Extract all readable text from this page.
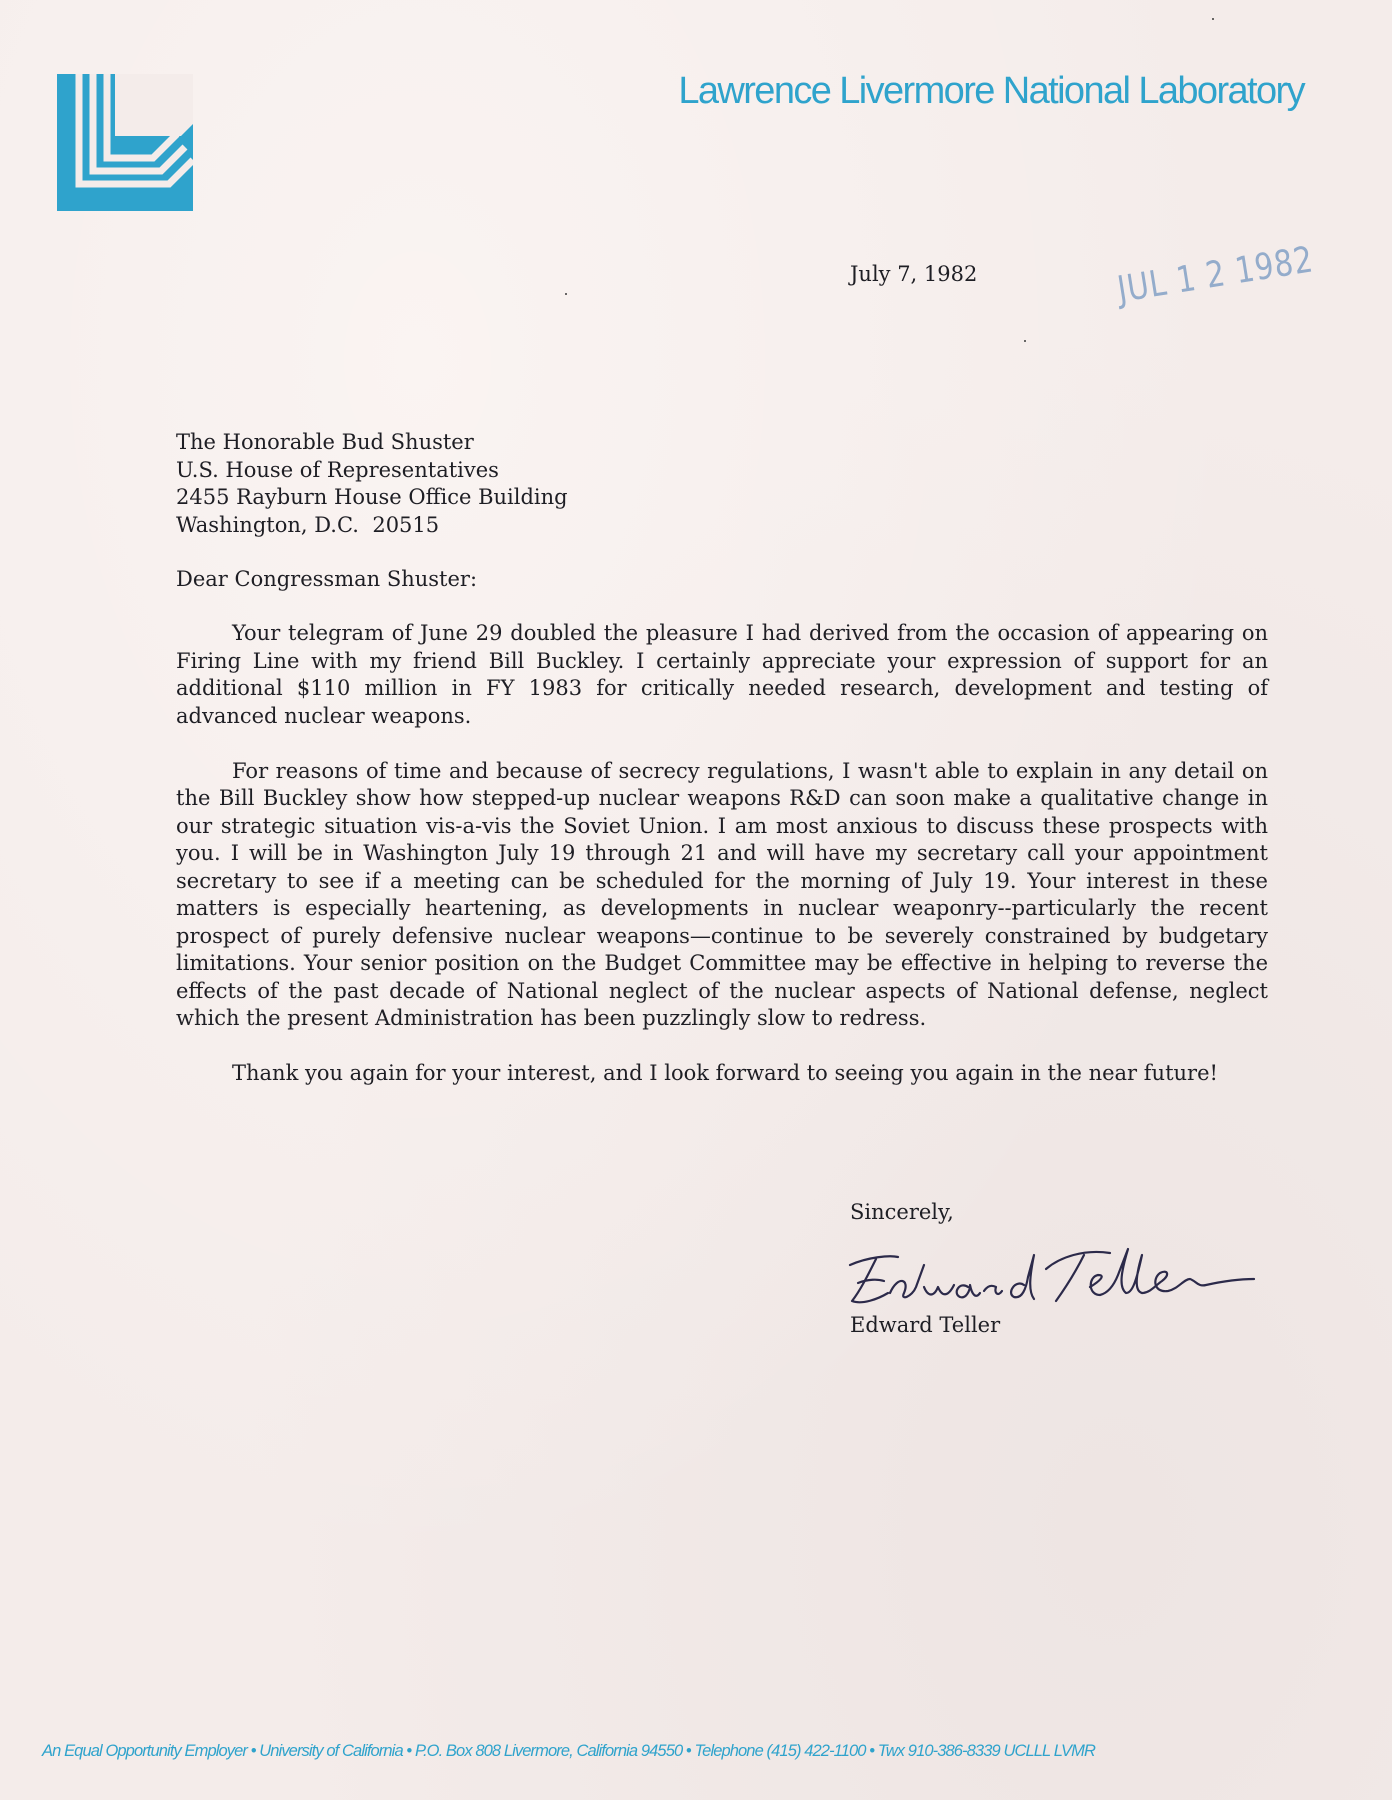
Lawrence Livermore National Laboratory
July 7, 1982	JUL 1 2 1982
The Honorable Bud Shuster
U.S. House of Representatives
2455 Rayburn House Office Building
Washington, D.C.  20515
Dear Congressman Shuster:

Your telegram of June 29 doubled the pleasure I had derived from the occasion of appearing on Firing Line with my friend Bill Buckley. I certainly appreciate your expression of support for an additional $110 million in FY 1983 for critically needed research, development and testing of advanced nuclear weapons.

For reasons of time and because of secrecy regulations, I wasn't able to explain in any detail on the Bill Buckley show how stepped-up nuclear weapons R&D can soon make a qualitative change in our strategic situation vis-a-vis the Soviet Union. I am most anxious to discuss these prospects with you. I will be in Washington July 19 through 21 and will have my secretary call your appointment secretary to see if a meeting can be scheduled for the morning of July 19. Your interest in these matters is especially heartening, as developments in nuclear weaponry--particularly the recent prospect of purely defensive nuclear weapons—continue to be severely constrained by budgetary limitations. Your senior position on the Budget Committee may be effective in helping to reverse the effects of the past decade of National neglect of the nuclear aspects of National defense, neglect which the present Administration has been puzzlingly slow to redress.

Thank you again for your interest, and I look forward to seeing you again in the near future!

Sincerely,
Edward Teller
An Equal Opportunity Employer • University of California • P.O. Box 808 Livermore, California 94550 • Telephone (415) 422-1100 • Twx 910-386-8339 UCLLL LVMR
